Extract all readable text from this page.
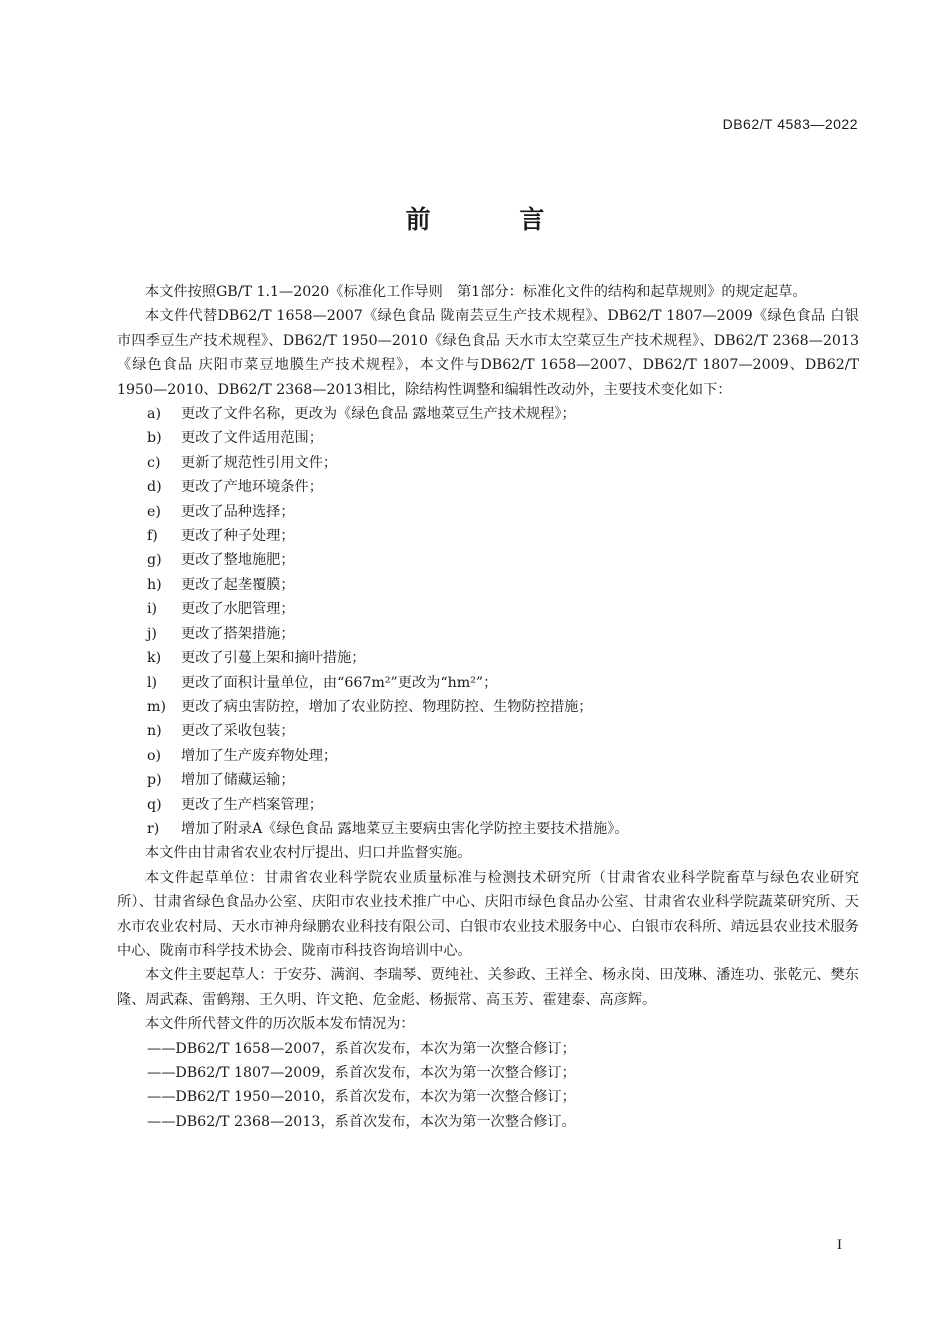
DB62/T 4583—2022
前 言

本文件按照GB/T 1.1—2020《标准化工作导则　第1部分：标准化文件的结构和起草规则》的规定起草。

本文件代替DB62/T 1658—2007《绿色食品 陇南芸豆生产技术规程》、DB62/T 1807—2009《绿色食品 白银市四季豆生产技术规程》、DB62/T 1950—2010《绿色食品 天水市太空菜豆生产技术规程》、DB62/T 2368—2013《绿色食品 庆阳市菜豆地膜生产技术规程》，本文件与DB62/T 1658—2007、DB62/T 1807—2009、DB62/T 1950—2010、DB62/T 2368—2013相比，除结构性调整和编辑性改动外，主要技术变化如下：

a) 更改了文件名称，更改为《绿色食品 露地菜豆生产技术规程》；
b) 更改了文件适用范围；
c) 更新了规范性引用文件；
d) 更改了产地环境条件；
e) 更改了品种选择；
f) 更改了种子处理；
g) 更改了整地施肥；
h) 更改了起垄覆膜；
i) 更改了水肥管理；
j) 更改了搭架措施；
k) 更改了引蔓上架和摘叶措施；
l) 更改了面积计量单位，由“667m²”更改为“hm²”；
m) 更改了病虫害防控，增加了农业防控、物理防控、生物防控措施；
n) 更改了采收包装；
o) 增加了生产废弃物处理；
p) 增加了储藏运输；
q) 更改了生产档案管理；
r) 增加了附录A《绿色食品 露地菜豆主要病虫害化学防控主要技术措施》。

本文件由甘肃省农业农村厅提出、归口并监督实施。

本文件起草单位：甘肃省农业科学院农业质量标准与检测技术研究所（甘肃省农业科学院畜草与绿色农业研究所）、甘肃省绿色食品办公室、庆阳市农业技术推广中心、庆阳市绿色食品办公室、甘肃省农业科学院蔬菜研究所、天水市农业农村局、天水市神舟绿鹏农业科技有限公司、白银市农业技术服务中心、白银市农科所、靖远县农业技术服务中心、陇南市科学技术协会、陇南市科技咨询培训中心。

本文件主要起草人：于安芬、满润、李瑞琴、贾纯社、关参政、王祥全、杨永岗、田茂琳、潘连功、张乾元、樊东隆、周武森、雷鹤翔、王久明、许文艳、危金彪、杨振常、高玉芳、霍建泰、高彦辉。

本文件所代替文件的历次版本发布情况为：

——DB62/T 1658—2007，系首次发布，本次为第一次整合修订；

——DB62/T 1807—2009，系首次发布，本次为第一次整合修订；

——DB62/T 1950—2010，系首次发布，本次为第一次整合修订；

——DB62/T 2368—2013，系首次发布，本次为第一次整合修订。

I
